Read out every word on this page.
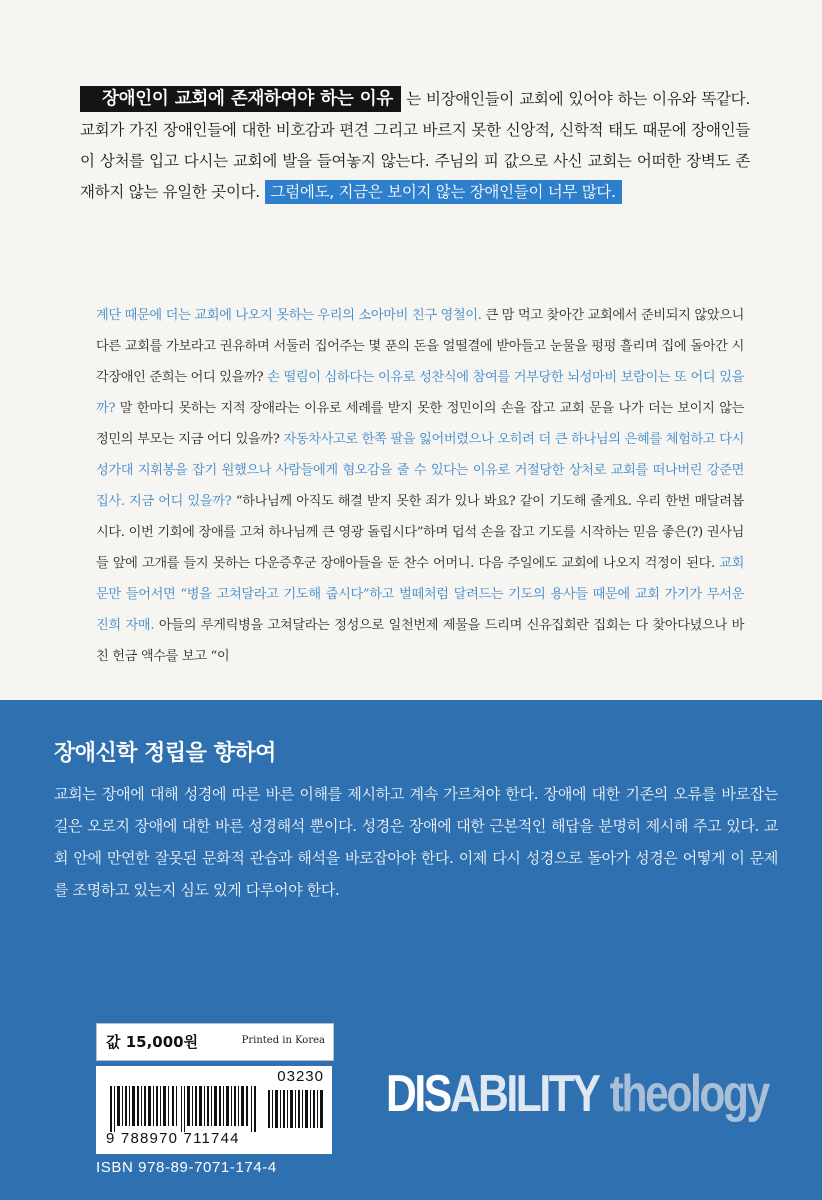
장애인이 교회에 존재하여야 하는 이유 는 비장애인들이 교회에 있어야 하는 이유와 똑같다. 교회가 가진 장애인들에 대한 비호감과 편견 그리고 바르지 못한 신앙적, 신학적 태도 때문에 장애인들이 상처를 입고 다시는 교회에 발을 들여놓지 않는다. 주님의 피 값으로 사신 교회는 어떠한 장벽도 존재하지 않는 유일한 곳이다. 그럼에도, 지금은 보이지 않는 장애인들이 너무 많다.
계단 때문에 더는 교회에 나오지 못하는 우리의 소아마비 친구 영철이. 큰 맘 먹고 찾아간 교회에서 준비되지 않았으니 다른 교회를 가보라고 권유하며 서둘러 집어주는 몇 푼의 돈을 얼떨결에 받아들고 눈물을 펑펑 흘리며 집에 돌아간 시각장애인 준희는 어디 있을까? 손 떨림이 심하다는 이유로 성찬식에 참여를 거부당한 뇌성마비 보람이는 또 어디 있을까? 말 한마디 못하는 지적 장애라는 이유로 세례를 받지 못한 정민이의 손을 잡고 교회 문을 나가 더는 보이지 않는 정민의 부모는 지금 어디 있을까? 자동차사고로 한쪽 팔을 잃어버렸으나 오히려 더 큰 하나님의 은혜를 체험하고 다시 성가대 지휘봉을 잡기 원했으나 사람들에게 혐오감을 줄 수 있다는 이유로 거절당한 상처로 교회를 떠나버린 강준면 집사. 지금 어디 있을까? “하나님께 아직도 해결 받지 못한 죄가 있나 봐요? 같이 기도해 줄게요. 우리 한번 매달려봅시다. 이번 기회에 장애를 고쳐 하나님께 큰 영광 돌립시다”하며 덥석 손을 잡고 기도를 시작하는 믿음 좋은(?) 권사님들 앞에 고개를 들지 못하는 다운증후군 장애아들을 둔 찬수 어머니. 다음 주일에도 교회에 나오지 걱정이 된다. 교회 문만 들어서면 “병을 고쳐달라고 기도해 줍시다”하고 벌떼처럼 달려드는 기도의 용사들 때문에 교회 가기가 무서운 진희 자매. 아들의 루게릭병을 고쳐달라는 정성으로 일천번제 제물을 드리며 신유집회란 집회는 다 찾아다녔으나 바친 헌금 액수를 보고 “이
장애신학 정립을 향하여
교회는 장애에 대해 성경에 따른 바른 이해를 제시하고 계속 가르쳐야 한다. 장애에 대한 기존의 오류를 바로잡는 길은 오로지 장애에 대한 바른 성경해석 뿐이다. 성경은 장애에 대한 근본적인 해답을 분명히 제시해 주고 있다. 교회 안에 만연한 잘못된 문화적 관습과 해석을 바로잡아야 한다. 이제 다시 성경으로 돌아가 성경은 어떻게 이 문제를 조명하고 있는지 심도 있게 다루어야 한다.
값 15,000원	Printed in Korea
03230
9 788970 711744
ISBN 978-89-7071-174-4
DISABILITY theology
